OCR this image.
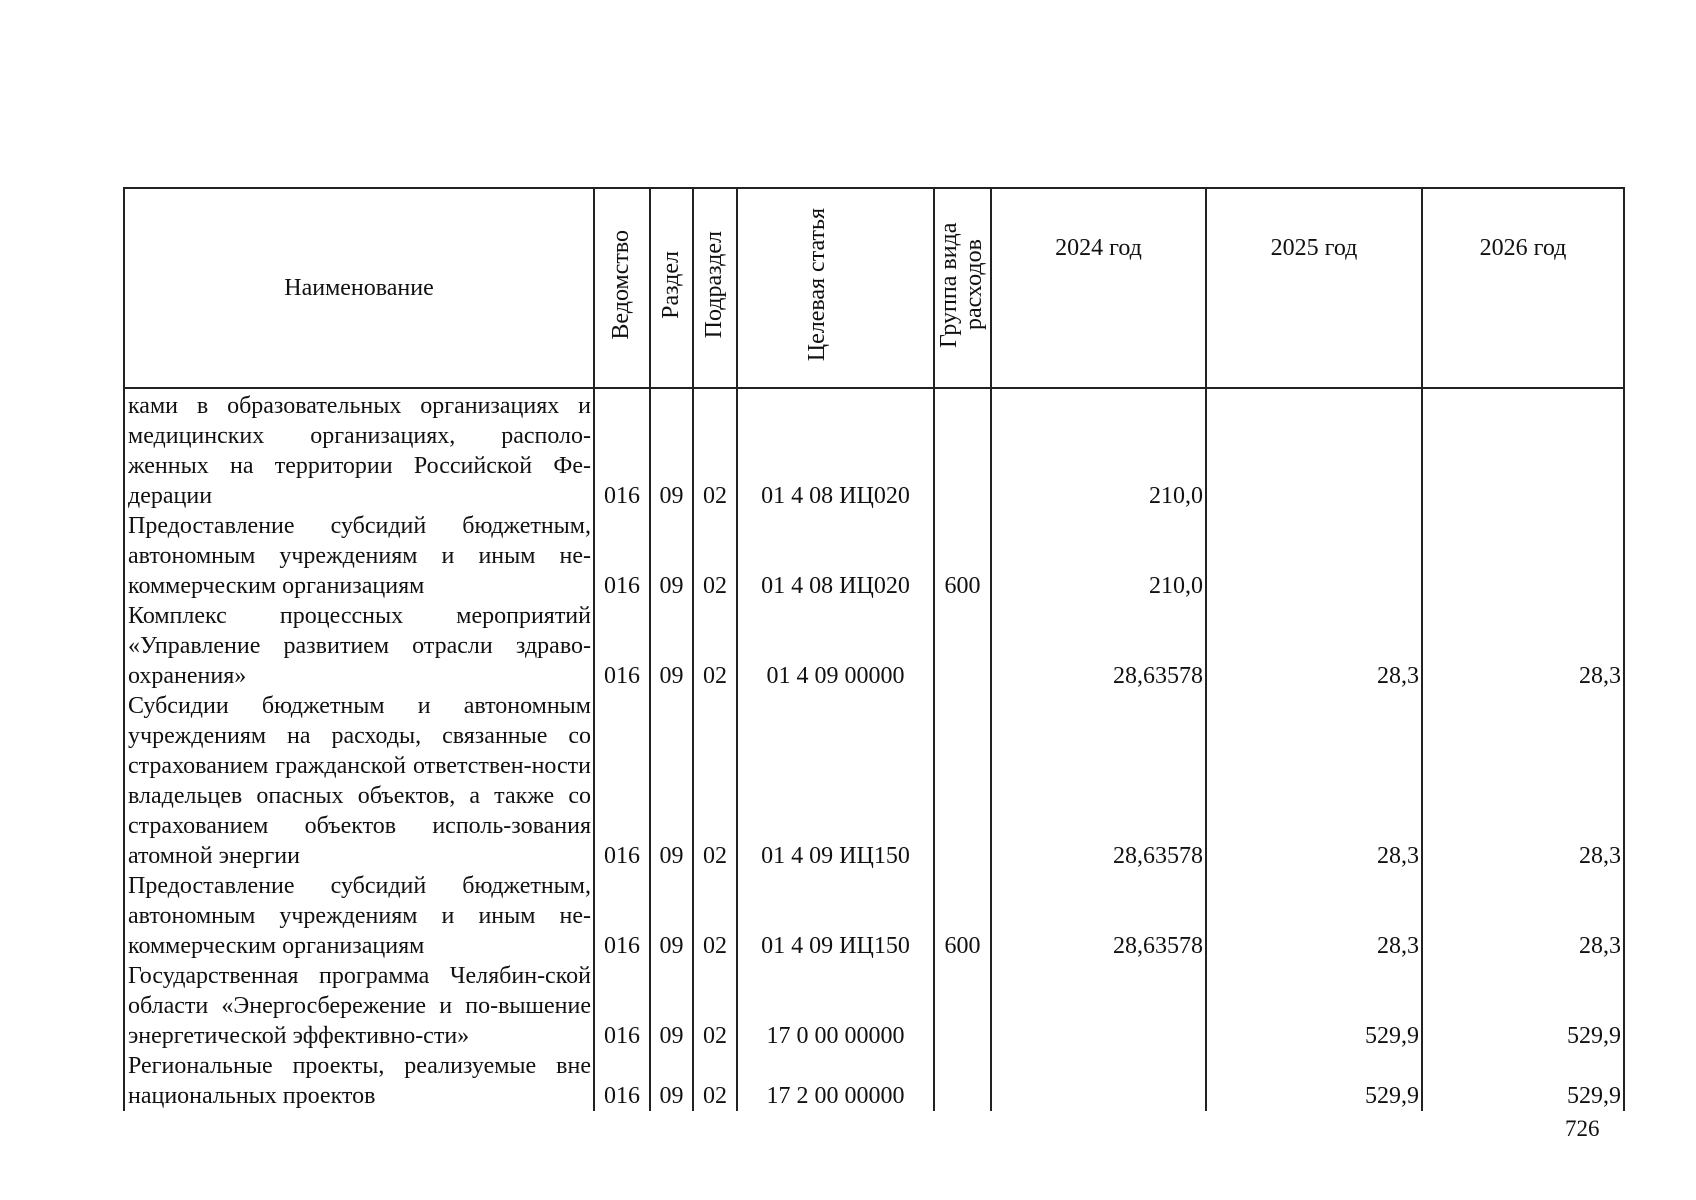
Наименование	Ведомство	Раздел	Подраздел	Целевая статья	Группа вида расходов	2024 год	2025 год	2026 год
ками в образовательных организациях и медицинских организациях, располо-женных на территории Российской Фе-дерации	016	09	02	01 4 08 ИЦ020		210,0		
Предоставление субсидий бюджетным, автономным учреждениям и иным не-коммерческим организациям	016	09	02	01 4 08 ИЦ020	600	210,0		
Комплекс процессных мероприятий «Управление развитием отрасли здраво-охранения»	016	09	02	01 4 09 00000		28,63578	28,3	28,3
Субсидии бюджетным и автономным учреждениям на расходы, связанные со страхованием гражданской ответствен-ности владельцев опасных объектов, а также со страхованием объектов исполь-зования атомной энергии	016	09	02	01 4 09 ИЦ150		28,63578	28,3	28,3
Предоставление субсидий бюджетным, автономным учреждениям и иным не-коммерческим организациям	016	09	02	01 4 09 ИЦ150	600	28,63578	28,3	28,3
Государственная программа Челябин-ской области «Энергосбережение и по-вышение энергетической эффективно-сти»	016	09	02	17 0 00 00000			529,9	529,9
Региональные проекты, реализуемые вне национальных проектов	016	09	02	17 2 00 00000			529,9	529,9
726
